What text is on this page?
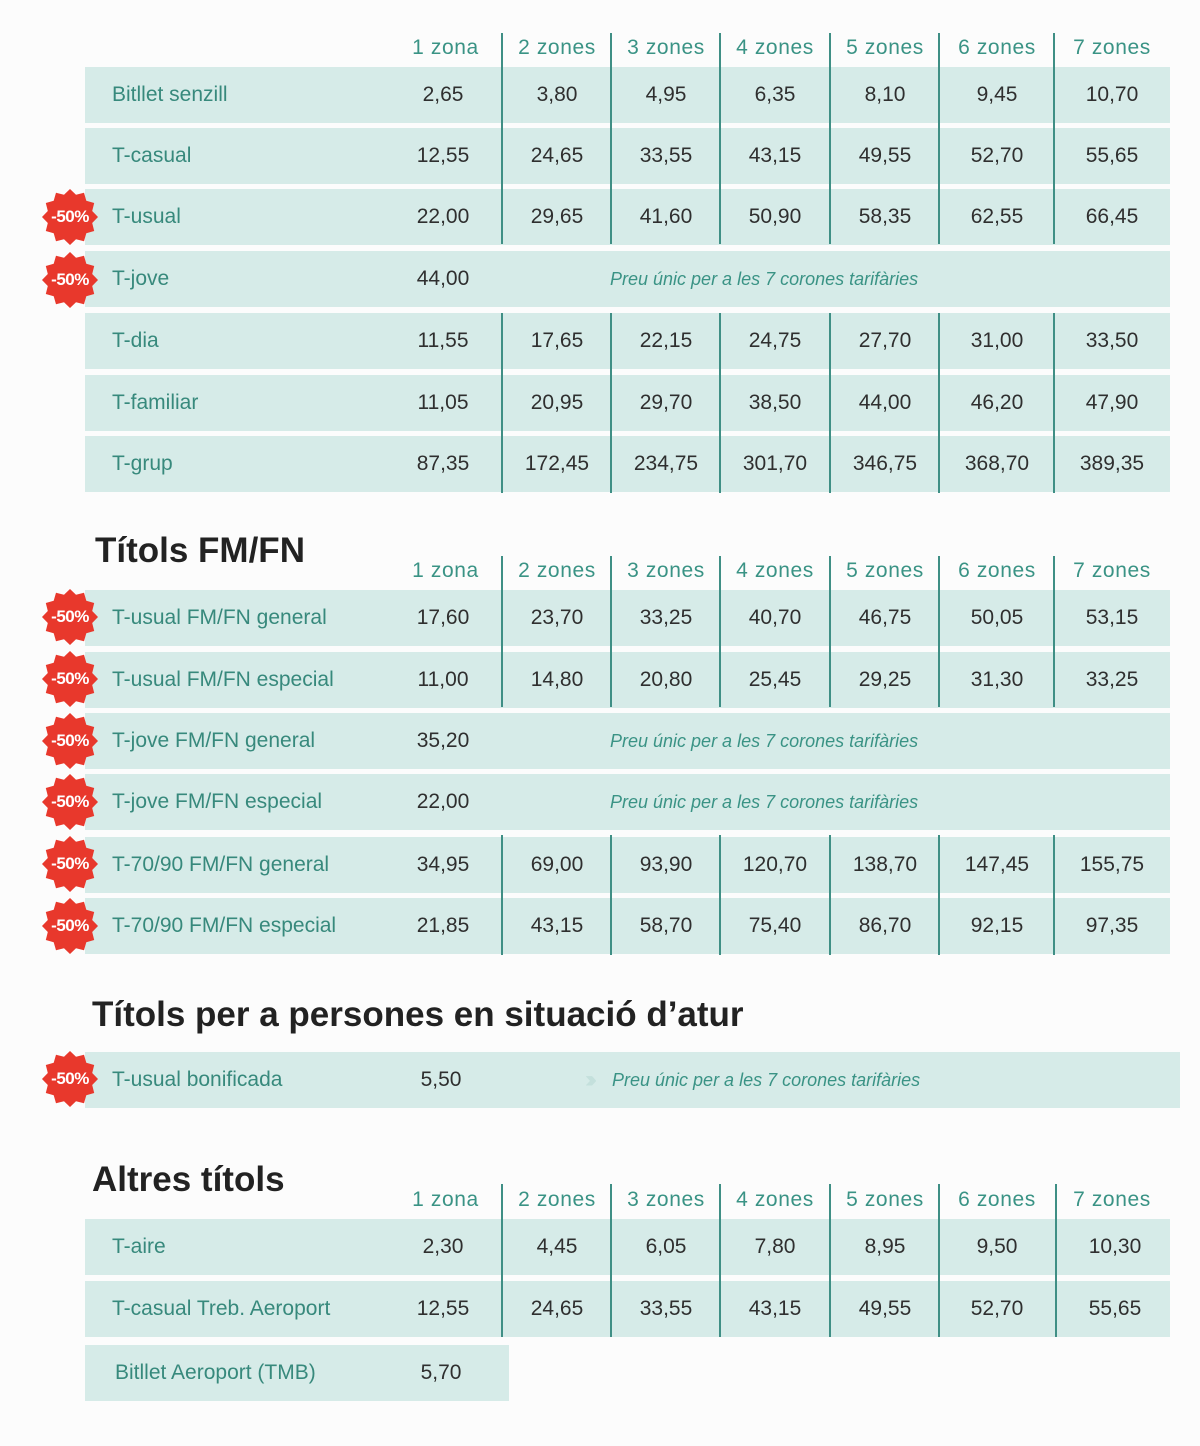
1 zona	2 zones	3 zones	4 zones	5 zones	6 zones	7 zones
Bitllet senzill	2,65	3,80	4,95	6,35	8,10	9,45	10,70
T-casual	12,55	24,65	33,55	43,15	49,55	52,70	55,65
T-usual	22,00	29,65	41,60	50,90	58,35	62,55	66,45
T-jove	44,00	Preu únic per a les 7 corones tarifàries
T-dia	11,55	17,65	22,15	24,75	27,70	31,00	33,50
T-familiar	11,05	20,95	29,70	38,50	44,00	46,20	47,90
T-grup	87,35	172,45	234,75	301,70	346,75	368,70	389,35
-50%
-50%
Títols FM/FN
1 zona	2 zones	3 zones	4 zones	5 zones	6 zones	7 zones
T-usual FM/FN general	17,60	23,70	33,25	40,70	46,75	50,05	53,15
T-usual FM/FN especial	11,00	14,80	20,80	25,45	29,25	31,30	33,25
T-jove FM/FN general	35,20	Preu únic per a les 7 corones tarifàries
T-jove FM/FN especial	22,00	Preu únic per a les 7 corones tarifàries
T-70/90 FM/FN general	34,95	69,00	93,90	120,70	138,70	147,45	155,75
T-70/90 FM/FN especial	21,85	43,15	58,70	75,40	86,70	92,15	97,35
-50%
-50%
-50%
-50%
-50%
-50%
Títols per a persones en situació d’atur
T-usual bonificada	5,50	››› Preu únic per a les 7 corones tarifàries
-50%
Altres títols
1 zona	2 zones	3 zones	4 zones	5 zones	6 zones	7 zones
T-aire	2,30	4,45	6,05	7,80	8,95	9,50	10,30
T-casual Treb. Aeroport	12,55	24,65	33,55	43,15	49,55	52,70	55,65
Bitllet Aeroport (TMB)	5,70
